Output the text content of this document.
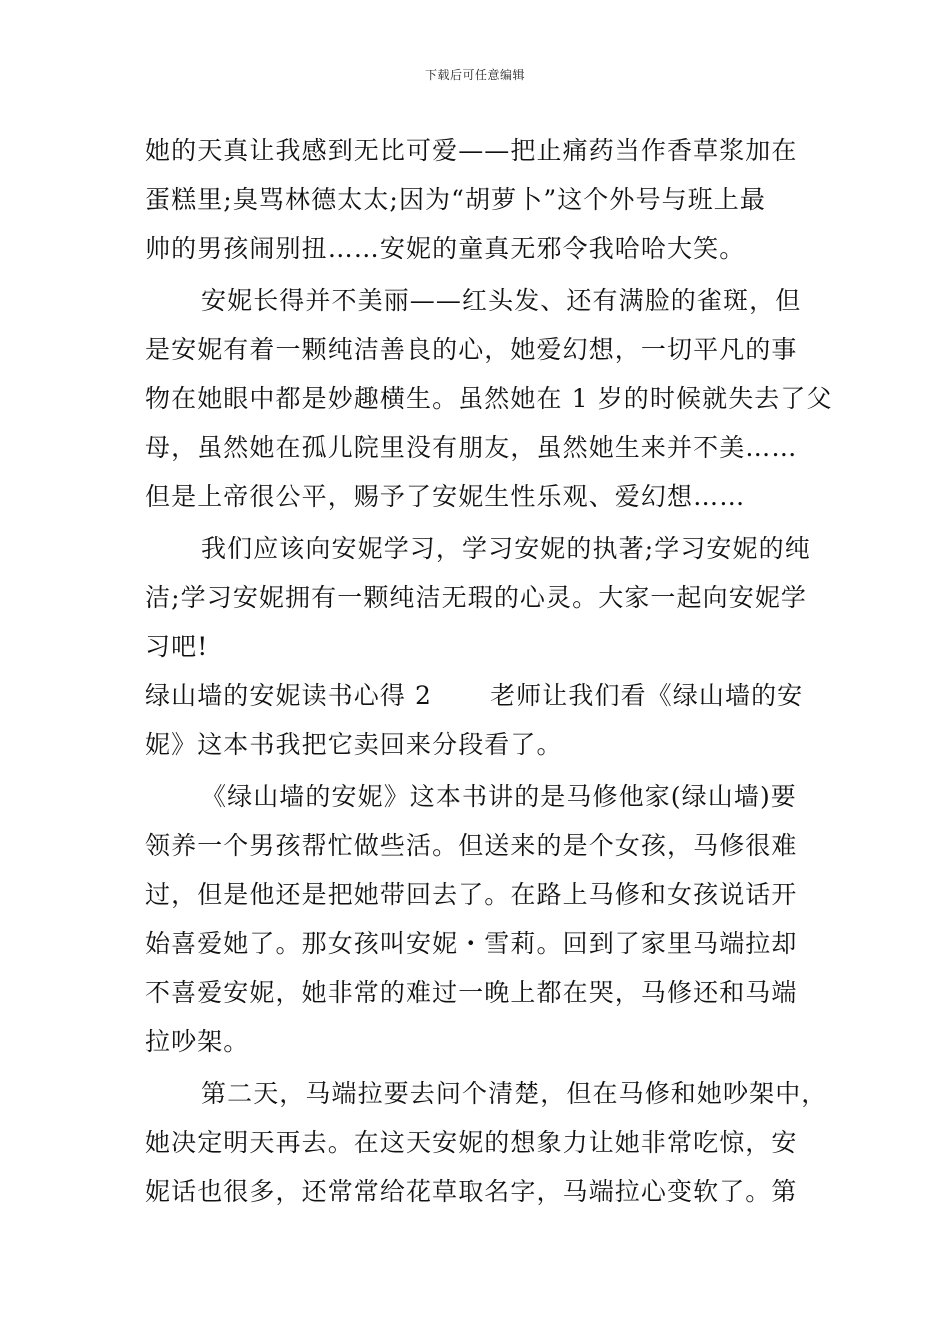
下载后可任意编辑
她的天真让我感到无比可爱——把止痛药当作香草浆加在
蛋糕里;臭骂林德太太;因为“胡萝卜”这个外号与班上最
帅的男孩闹别扭……安妮的童真无邪令我哈哈大笑。
安妮长得并不美丽——红头发、还有满脸的雀斑，但
是安妮有着一颗纯洁善良的心，她爱幻想，一切平凡的事
物在她眼中都是妙趣横生。虽然她在 1 岁的时候就失去了父
母，虽然她在孤儿院里没有朋友，虽然她生来并不美……
但是上帝很公平，赐予了安妮生性乐观、爱幻想……
我们应该向安妮学习，学习安妮的执著;学习安妮的纯
洁;学习安妮拥有一颗纯洁无瑕的心灵。大家一起向安妮学
习吧!
绿山墙的安妮读书心得 2 老师让我们看《绿山墙的安
妮》这本书我把它卖回来分段看了。
《绿山墙的安妮》这本书讲的是马修他家(绿山墙)要
领养一个男孩帮忙做些活。但送来的是个女孩，马修很难
过，但是他还是把她带回去了。在路上马修和女孩说话开
始喜爱她了。那女孩叫安妮・雪莉。回到了家里马端拉却
不喜爱安妮，她非常的难过一晚上都在哭，马修还和马端
拉吵架。
第二天，马端拉要去问个清楚，但在马修和她吵架中，
她决定明天再去。在这天安妮的想象力让她非常吃惊，安
妮话也很多，还常常给花草取名字，马端拉心变软了。第
